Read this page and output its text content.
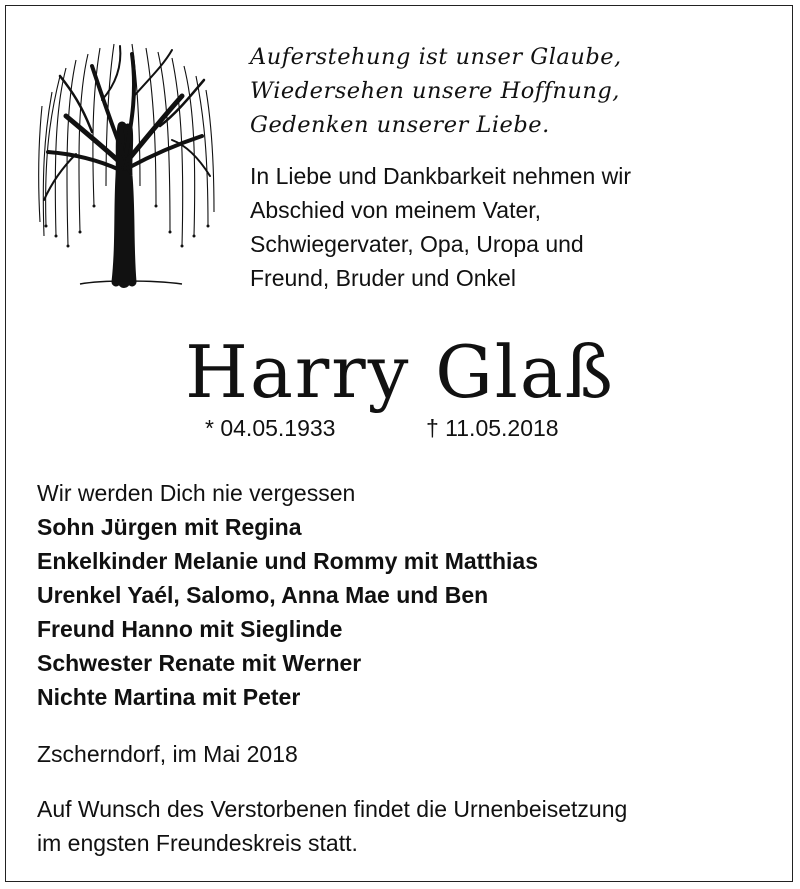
Auferstehung ist unser Glaube,
Wiedersehen unsere Hoffnung,
Gedenken unserer Liebe.
In Liebe und Dankbarkeit nehmen wir
Abschied von meinem Vater,
Schwiegervater, Opa, Uropa und
Freund, Bruder und Onkel
Harry Glaß
* 04.05.1933	† 11.05.2018
Wir werden Dich nie vergessen
Sohn Jürgen mit Regina
Enkelkinder Melanie und Rommy mit Matthias
Urenkel Yaél, Salomo, Anna Mae und Ben
Freund Hanno mit Sieglinde
Schwester Renate mit Werner
Nichte Martina mit Peter
Zscherndorf, im Mai 2018
Auf Wunsch des Verstorbenen findet die Urnenbeisetzung
im engsten Freundeskreis statt.
